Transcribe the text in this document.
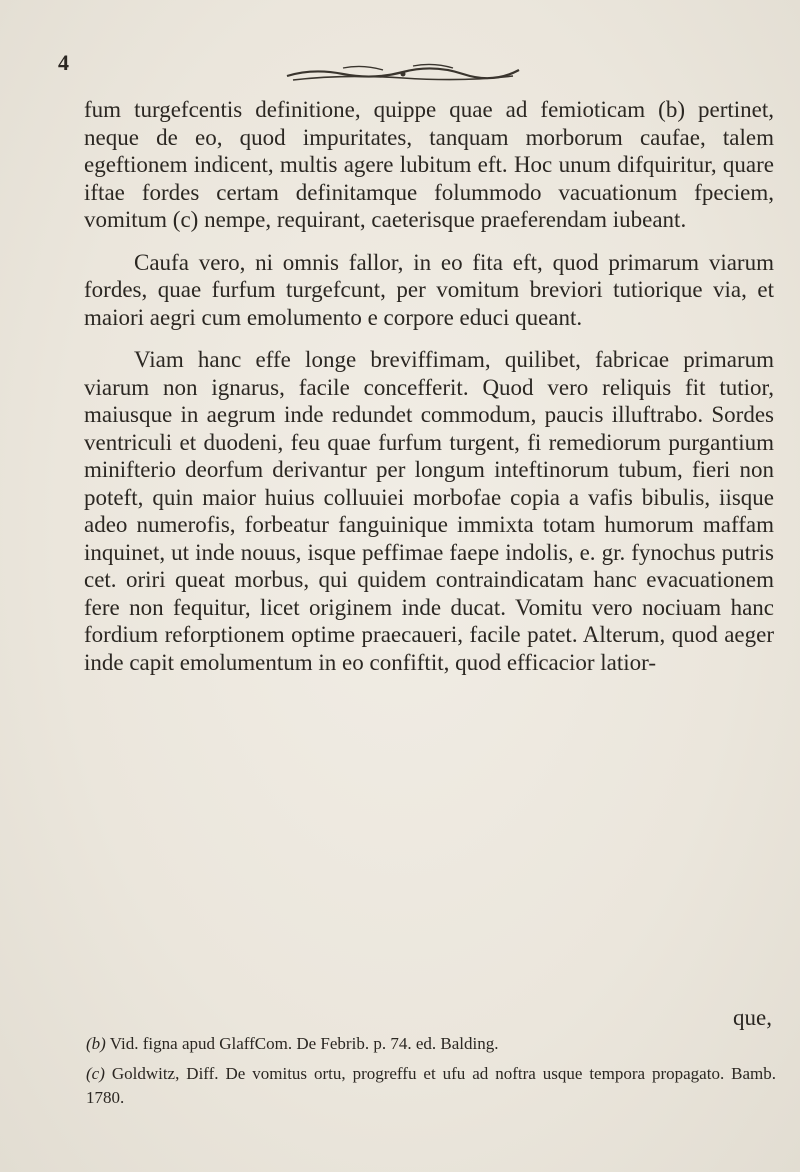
4

fum turgefcentis definitione, quippe quae ad femioticam (b) pertinet, neque de eo, quod impuritates, tanquam morborum caufae, talem egeftionem indicent, multis agere lubitum eft. Hoc unum difquiritur, quare iftae fordes certam definitamque folummodo vacuationum fpeciem, vomitum (c) nempe, requirant, caeterisque praeferendam iubeant.

Caufa vero, ni omnis fallor, in eo fita eft, quod primarum viarum fordes, quae furfum turgefcunt, per vomitum breviori tutiorique via, et maiori aegri cum emolumento e corpore educi queant.

Viam hanc effe longe breviffimam, quilibet, fabricae primarum viarum non ignarus, facile concefferit. Quod vero reliquis fit tutior, maiusque in aegrum inde redundet commodum, paucis illuftrabo. Sordes ventriculi et duodeni, feu quae furfum turgent, fi remediorum purgantium minifterio deorfum derivantur per longum inteftinorum tubum, fieri non poteft, quin maior huius colluuiei morbofae copia a vafis bibulis, iisque adeo numerofis, forbeatur fanguinique immixta totam humorum maffam inquinet, ut inde nouus, isque peffimae faepe indolis, e. gr. fynochus putris cet. oriri queat morbus, qui quidem contraindicatam hanc evacuationem fere non fequitur, licet originem inde ducat. Vomitu vero nociuam hanc fordium reforptionem optime praecaueri, facile patet. Alterum, quod aeger inde capit emolumentum in eo confiftit, quod efficacior latior-

que,

(b) Vid. figna apud GlaffCom. De Febrib. p. 74. ed. Balding.

(c) Goldwitz, Diff. De vomitus ortu, progreffu et ufu ad noftra usque tempora propagato. Bamb. 1780.
